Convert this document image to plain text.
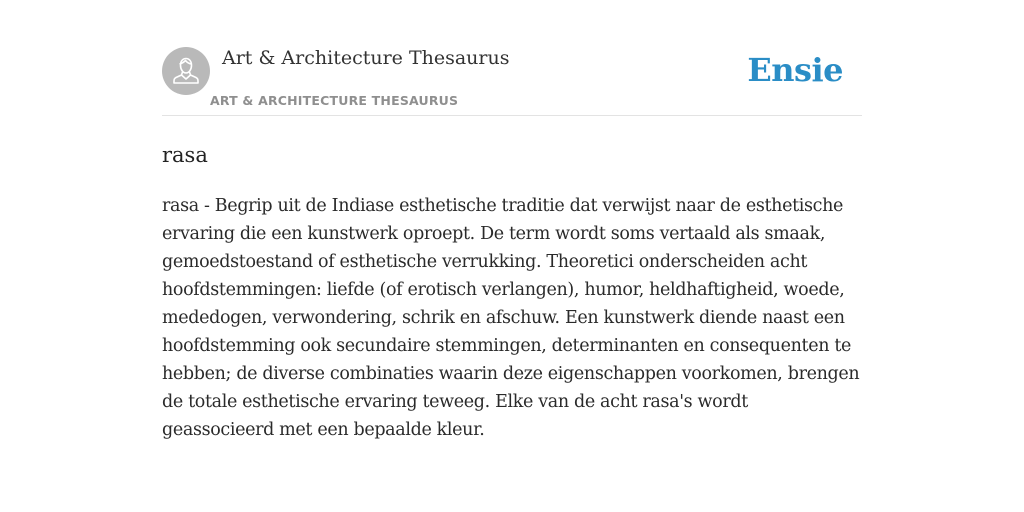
Art & Architecture Thesaurus
ART & ARCHITECTURE THESAURUS
Ensie
rasa

rasa - Begrip uit de Indiase esthetische traditie dat verwijst naar de esthetische ervaring die een kunstwerk oproept. De term wordt soms vertaald als smaak, gemoedstoestand of esthetische verrukking. Theoretici onderscheiden acht hoofdstemmingen: liefde (of erotisch verlangen), humor, heldhaftigheid, woede, mededogen, verwondering, schrik en afschuw. Een kunstwerk diende naast een hoofdstemming ook secundaire stemmingen, determinanten en consequenten te hebben; de diverse combinaties waarin deze eigenschappen voorkomen, brengen de totale esthetische ervaring teweeg. Elke van de acht rasa's wordt geassocieerd met een bepaalde kleur.
